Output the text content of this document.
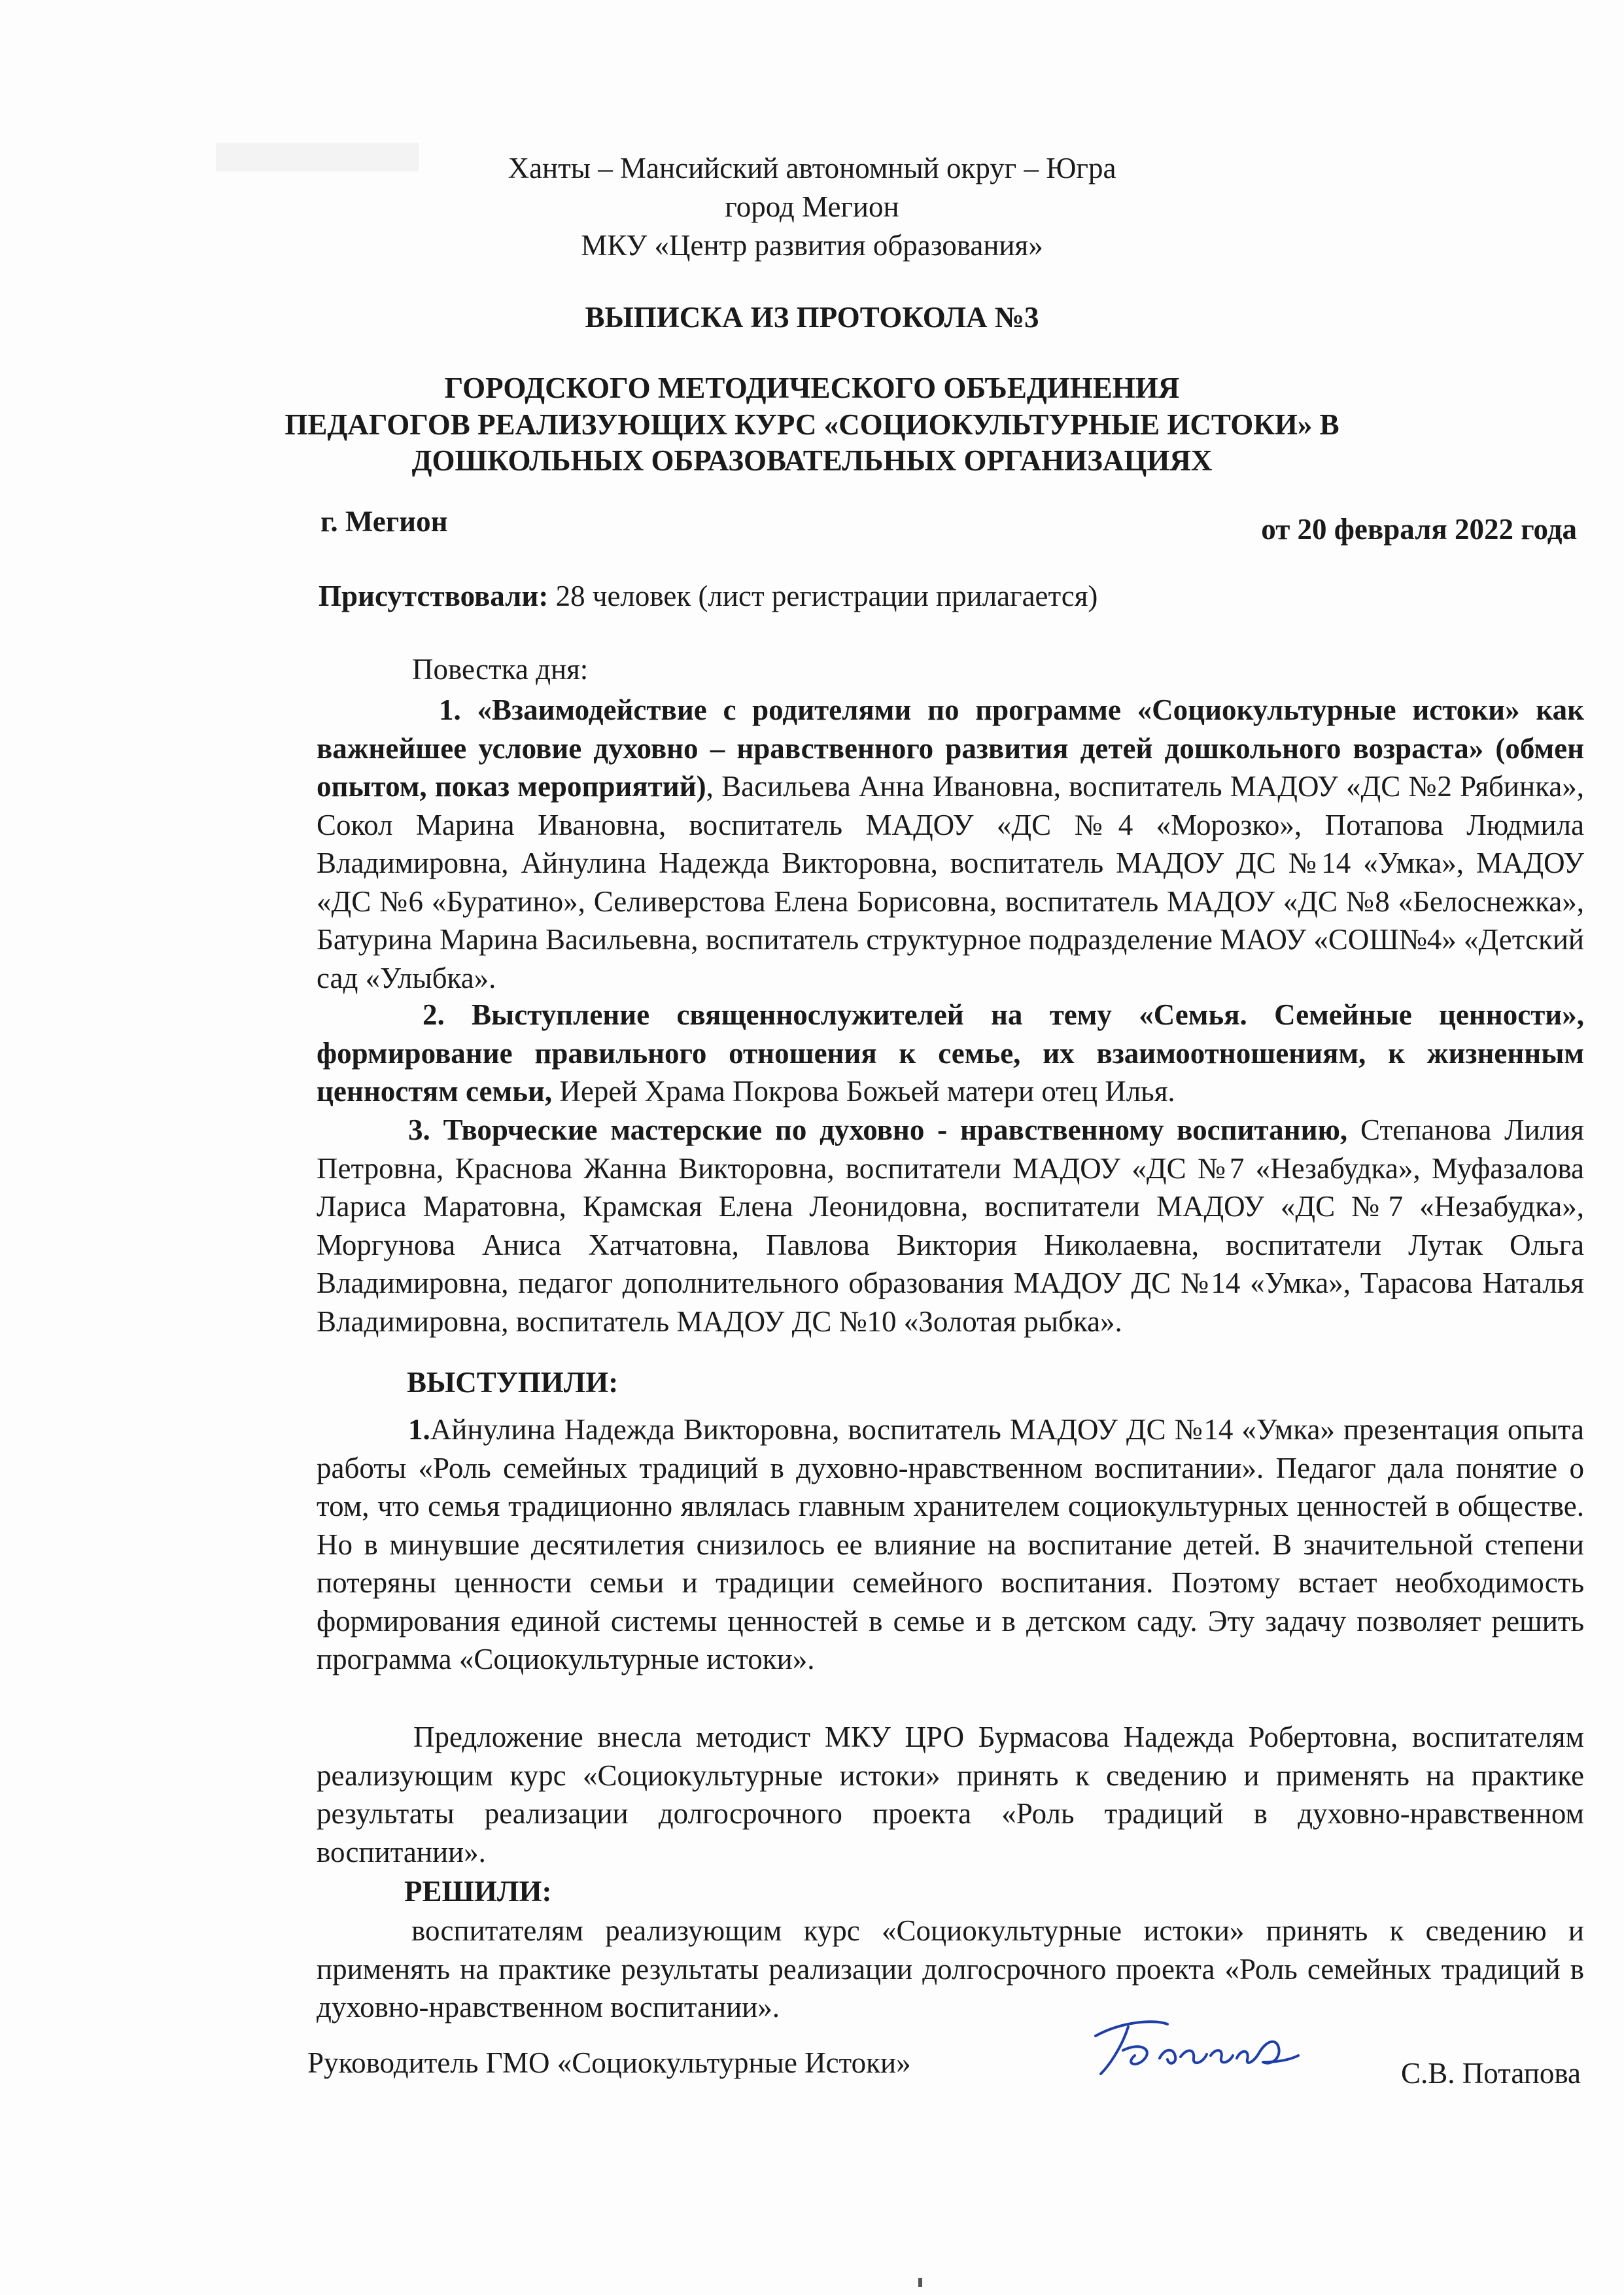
Ханты – Мансийский автономный округ – Югра
город Мегион
МКУ «Центр развития образования»
ВЫПИСКА ИЗ ПРОТОКОЛА №3
ГОРОДСКОГО МЕТОДИЧЕСКОГО ОБЪЕДИНЕНИЯ
ПЕДАГОГОВ РЕАЛИЗУЮЩИХ КУРС «СОЦИОКУЛЬТУРНЫЕ ИСТОКИ» В
ДОШКОЛЬНЫХ ОБРАЗОВАТЕЛЬНЫХ ОРГАНИЗАЦИЯХ
г. Мегион	от 20 февраля 2022 года
Присутствовали: 28 человек (лист регистрации прилагается)
Повестка дня:
1. «Взаимодействие с родителями по программе «Социокультурные истоки» как важнейшее условие духовно – нравственного развития детей дошкольного возраста» (обмен опытом, показ мероприятий), Васильева Анна Ивановна, воспитатель МАДОУ «ДС №2 Рябинка», Сокол Марина Ивановна, воспитатель МАДОУ «ДС №4 «Морозко», Потапова Людмила Владимировна, Айнулина Надежда Викторовна, воспитатель МАДОУ ДС №14 «Умка», МАДОУ «ДС №6 «Буратино», Селиверстова Елена Борисовна, воспитатель МАДОУ «ДС №8 «Белоснежка», Батурина Марина Васильевна, воспитатель структурное подразделение МАОУ «СОШ№4» «Детский сад «Улыбка».
2. Выступление священнослужителей на тему «Семья. Семейные ценности», формирование правильного отношения к семье, их взаимоотношениям, к жизненным ценностям семьи, Иерей Храма Покрова Божьей матери отец Илья.
3. Творческие мастерские по духовно - нравственному воспитанию, Степанова Лилия Петровна, Краснова Жанна Викторовна, воспитатели МАДОУ «ДС №7 «Незабудка», Муфазалова Лариса Маратовна, Крамская Елена Леонидовна, воспитатели МАДОУ «ДС №7 «Незабудка», Моргунова Аниса Хатчатовна, Павлова Виктория Николаевна, воспитатели Лутак Ольга Владимировна, педагог дополнительного образования МАДОУ ДС №14 «Умка», Тарасова Наталья Владимировна, воспитатель МАДОУ ДС №10 «Золотая рыбка».
ВЫСТУПИЛИ:
1.Айнулина Надежда Викторовна, воспитатель МАДОУ ДС №14 «Умка» презентация опыта работы «Роль семейных традиций в духовно-нравственном воспитании». Педагог дала понятие о том, что семья традиционно являлась главным хранителем социокультурных ценностей в обществе. Но в минувшие десятилетия снизилось ее влияние на воспитание детей. В значительной степени потеряны ценности семьи и традиции семейного воспитания. Поэтому встает необходимость формирования единой системы ценностей в семье и в детском саду. Эту задачу позволяет решить программа «Социокультурные истоки».
Предложение внесла методист МКУ ЦРО Бурмасова Надежда Робертовна, воспитателям реализующим курс «Социокультурные истоки» принять к сведению и применять на практике результаты реализации долгосрочного проекта «Роль традиций в духовно-нравственном воспитании».
РЕШИЛИ:
воспитателям реализующим курс «Социокультурные истоки» принять к сведению и применять на практике результаты реализации долгосрочного проекта «Роль семейных традиций в духовно-нравственном воспитании».
Руководитель ГМО «Социокультурные Истоки»	С.В. Потапова
